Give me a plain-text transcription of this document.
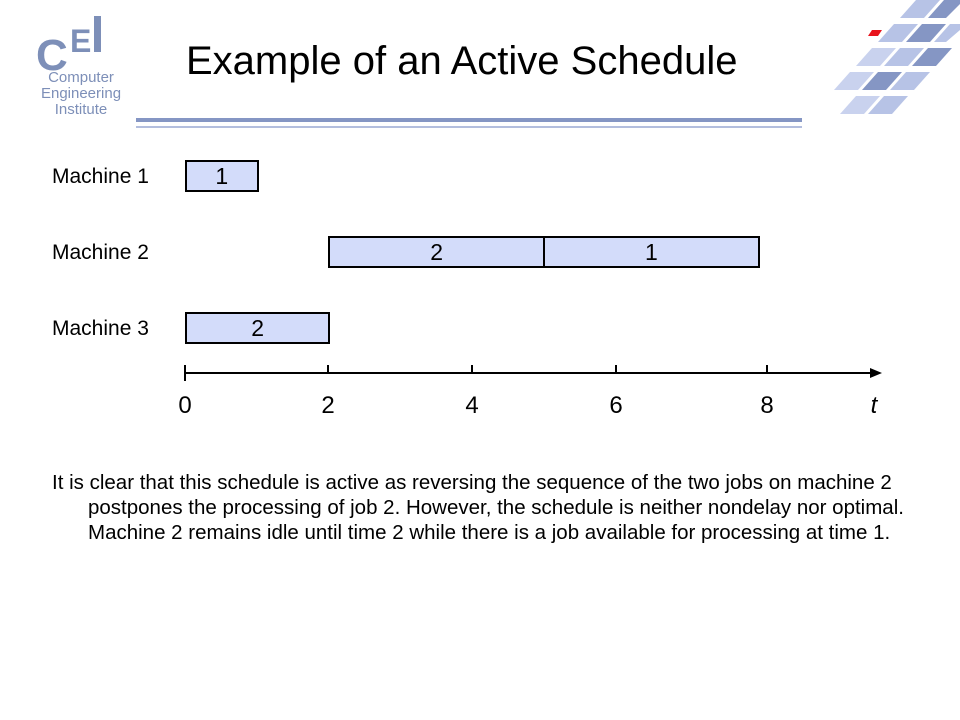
C E
Computer
Engineering
Institute
Example of an Active Schedule
Machine 1
Machine 2
Machine 3
1
2	1
2
0	2	4	6	8	t
It is clear that this schedule is active as reversing the sequence of the two jobs on machine 2 postpones the processing of job 2. However, the schedule is neither nondelay nor optimal. Machine 2 remains idle until time 2 while there is a job available for processing at time 1.
